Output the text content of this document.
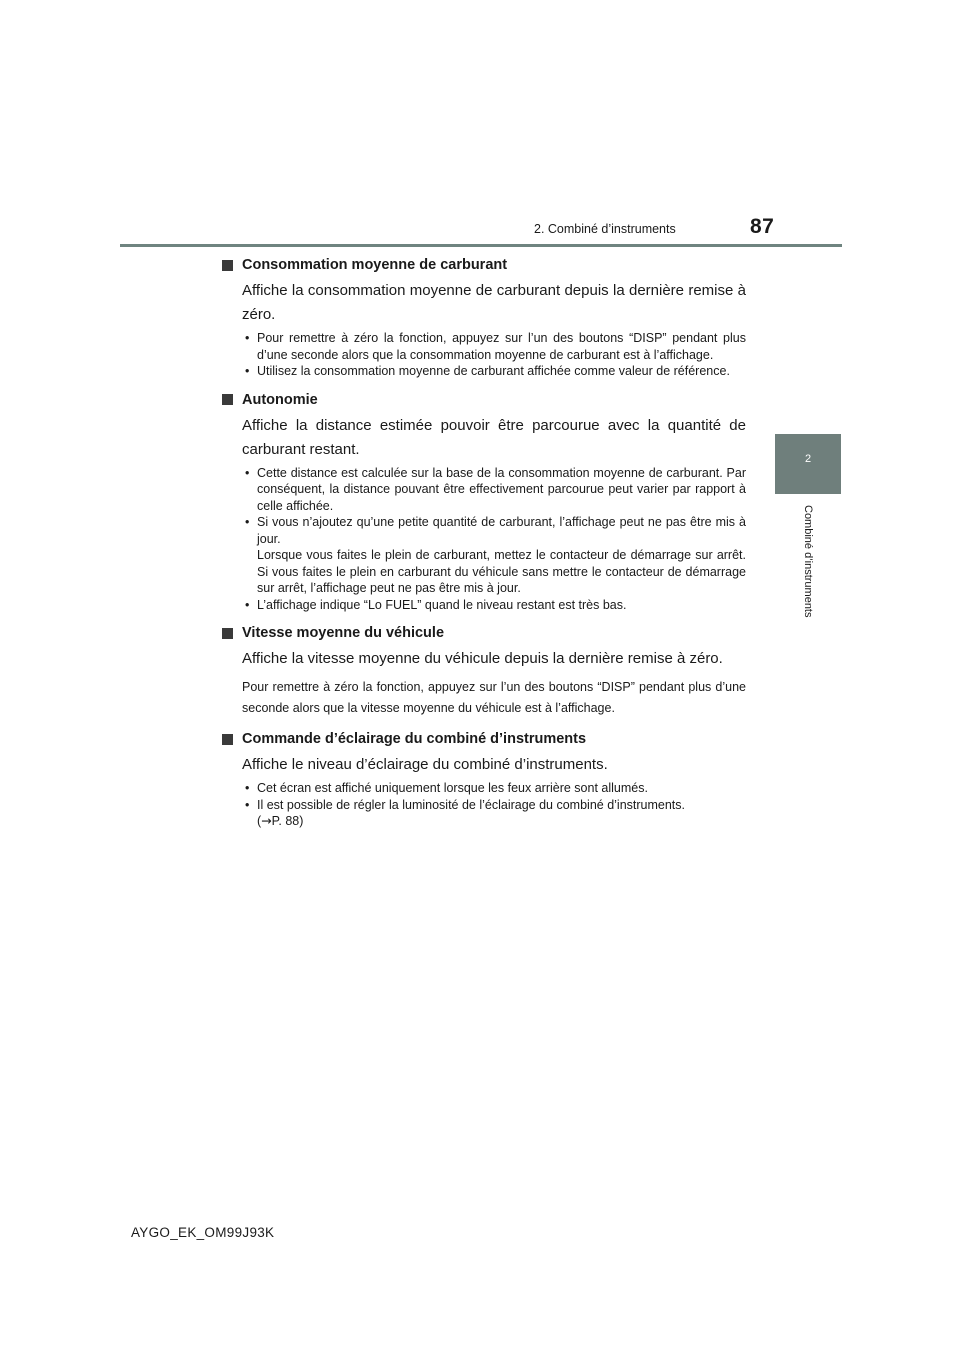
2. Combiné d’instruments	87
2
Combiné d’instruments
Consommation moyenne de carburant
Affiche la consommation moyenne de carburant depuis la dernière remise à zéro.
• Pour remettre à zéro la fonction, appuyez sur l’un des boutons “DISP” pendant plus d’une seconde alors que la consommation moyenne de carburant est à l’affichage.
• Utilisez la consommation moyenne de carburant affichée comme valeur de référence.
Autonomie
Affiche la distance estimée pouvoir être parcourue avec la quantité de carburant restant.
• Cette distance est calculée sur la base de la consommation moyenne de carburant. Par conséquent, la distance pouvant être effectivement parcourue peut varier par rapport à celle affichée.
• Si vous n’ajoutez qu’une petite quantité de carburant, l’affichage peut ne pas être mis à jour.
Lorsque vous faites le plein de carburant, mettez le contacteur de démarrage sur arrêt. Si vous faites le plein en carburant du véhicule sans mettre le contacteur de démarrage sur arrêt, l’affichage peut ne pas être mis à jour.
• L’affichage indique “Lo FUEL” quand le niveau restant est très bas.
Vitesse moyenne du véhicule
Affiche la vitesse moyenne du véhicule depuis la dernière remise à zéro.
Pour remettre à zéro la fonction, appuyez sur l’un des boutons “DISP” pendant plus d’une seconde alors que la vitesse moyenne du véhicule est à l’affichage.
Commande d’éclairage du combiné d’instruments
Affiche le niveau d’éclairage du combiné d’instruments.
• Cet écran est affiché uniquement lorsque les feux arrière sont allumés.
• Il est possible de régler la luminosité de l’éclairage du combiné d’instruments.
(→P. 88)
AYGO_EK_OM99J93K
